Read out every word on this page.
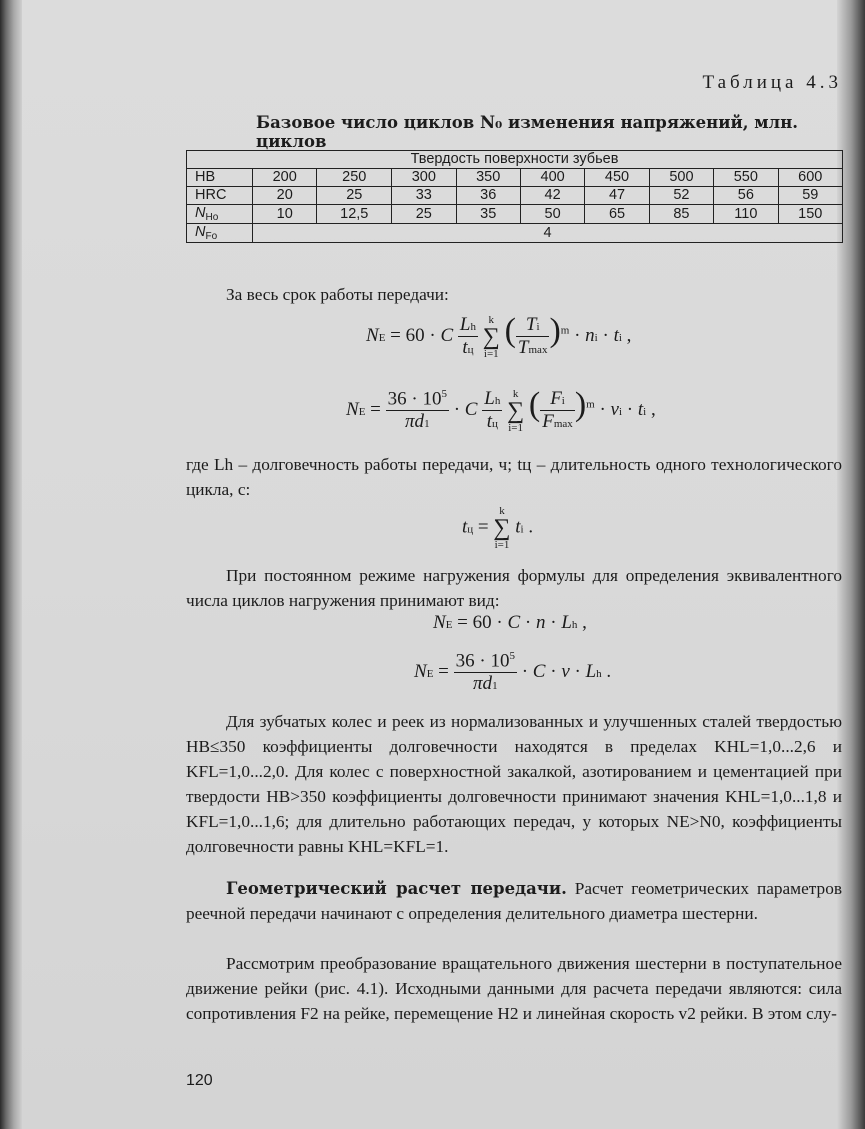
Таблица 4.3
Базовое число циклов N₀ изменения напряжений, млн. циклов
Твердость поверхности зубьев									
HB	200	250	300	350	400	450	500	550	600
HRC	20	25	33	36	42	47	52	56	59
$N_{Ho}$	10	12,5	25	35	50	65	85	110	150
$N_{Fo}$	4								

За весь срок работы передачи:

NE = 60 · C $\frac{Lh}{tц}$
k
∑
i=1
( $\frac{Ti}{Tmax} )^m$ · ni · ti ,
NE = $\frac{36 \cdot 10^5}{\pi d1} \cdot C \frac{Lh}{tц}$
k
∑
i=1
( $\frac{Fi}{Fmax} )^m$ · vi · ti ,

где Lh – долговечность работы передачи, ч; tц – длительность одного технологического цикла, с:

tц =
k
∑
i=1
ti .

При постоянном режиме нагружения формулы для определения эквивалентного числа циклов нагружения принимают вид:

NE = 60 · C · n · Lh ,
NE = $\frac{36 \cdot 10^5}{\pi d1} \cdot C \cdot v \cdot Lh$ .

Для зубчатых колес и реек из нормализованных и улучшенных сталей твердостью HB≤350 коэффициенты долговечности находятся в пределах KHL=1,0...2,6 и KFL=1,0...2,0. Для колес с поверхностной закалкой, азотированием и цементацией при твердости HB>350 коэффициенты долговечности принимают значения KHL=1,0...1,8 и KFL=1,0...1,6; для длительно работающих передач, у которых NE>N0, коэффициенты долговечности равны KHL=KFL=1.

Геометрический расчет передачи. Расчет геометрических параметров реечной передачи начинают с определения делительного диаметра шестерни.

Рассмотрим преобразование вращательного движения шестерни в поступательное движение рейки (рис. 4.1). Исходными данными для расчета передачи являются: сила сопротивления F2 на рейке, перемещение H2 и линейная скорость v2 рейки. В этом слу-

120
